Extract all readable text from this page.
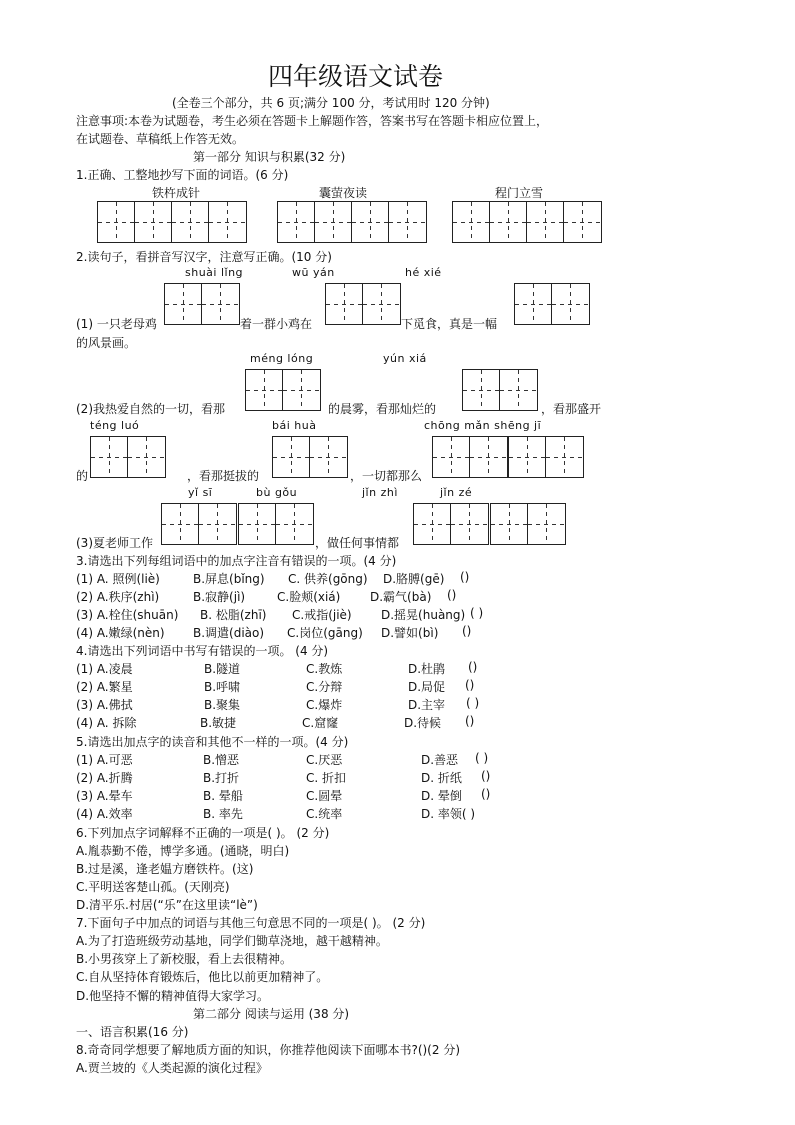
四年级语文试卷
(全卷三个部分，共 6 页;满分 100 分，考试用时 120 分钟)
注意事项:本卷为试题卷，考生必须在答题卡上解题作答，答案书写在答题卡相应位置上，
在试题卷、草稿纸上作答无效。
第一部分 知识与积累(32 分)
1.正确、工整地抄写下面的词语。(6 分)
铁杵成针	囊萤夜读	程门立雪
2.读句子，看拼音写汉字，注意写正确。(10 分)
shuài lǐng	wū yán	hé xié
(1) 一只老母鸡	着一群小鸡在	下觅食，真是一幅
的风景画。
méng lóng	yún xiá
(2)我热爱自然的一切，看那	的晨雾，看那灿烂的	，看那盛开
téng luó	bái huà	chōng mǎn shēng jī
的	，看那挺拔的	，一切都那么
yǐ sī	bù gǒu	jǐn zhì	jǐn zé
(3)夏老师工作	，做任何事情都
3.请选出下列每组词语中的加点字注音有错误的一项。(4 分)
(1) A. 照例(liè)	B.屏息(bǐng) C. 供养(gōng) D.胳膊(gē) ()
(2) A.秩序(zhì)	B.寂静(jì)	C.脸颊(xiá) D.霸气(bà) ()
(3) A.栓住(shuān) B. 松脂(zhī) C.戒指(jiè) D.摇晃(huàng) ( )
(4) A.嫩绿(nèn) B.调遣(diào) C.岗位(gāng) D.譬如(bì) ()
4.请选出下列词语中书写有错误的一项。 (4 分)
(1) A.凌晨	B.隧道	C.教炼	D.杜鹃 ()
(2) A.繁星	B.呼啸	C.分辩	D.局促 ()
(3) A.佛拭	B.聚集	C.爆炸	D.主宰 ( )
(4) A. 拆除	B.敏捷	C.窟窿	D.待候 ()
5.请选出加点字的读音和其他不一样的一项。(4 分)
(1) A.可恶	B.憎恶	C.厌恶	D.善恶 ( )
(2) A.折腾	B.打折	C. 折扣	D. 折纸 ()
(3) A.晕车	B. 晕船	C.圆晕	D. 晕倒 ()
(4) A.效率	B. 率先	C.统率	D. 率领( )
6.下列加点字词解释不正确的一项是( )。 (2 分)
A.胤恭勤不倦，博学多通。(通晓，明白)
B.过是溪，逢老媪方磨铁杵。(这)
C.平明送客楚山孤。(天刚亮)
D.清平乐.村居(“乐”在这里读“lè”)
7.下面句子中加点的词语与其他三句意思不同的一项是( )。 (2 分)
A.为了打造班级劳动基地，同学们锄草浇地，越干越精神。
B.小男孩穿上了新校服，看上去很精神。
C.自从坚持体育锻炼后，他比以前更加精神了。
D.他坚持不懈的精神值得大家学习。
第二部分 阅读与运用 (38 分)
一、语言积累(16 分)
8.奇奇同学想要了解地质方面的知识，你推荐他阅读下面哪本书?()(2 分)
A.贾兰坡的《人类起源的演化过程》
